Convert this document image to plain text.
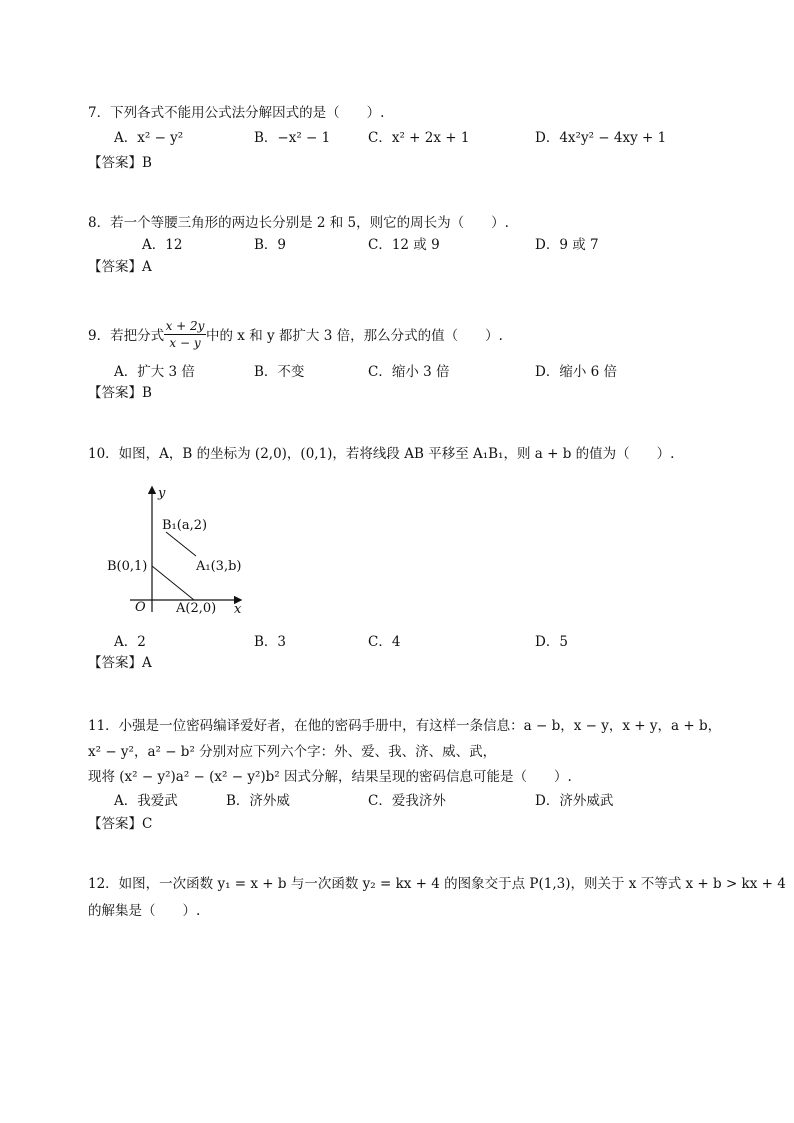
7．下列各式不能用公式法分解因式的是（　　）.
A．x² − y²	B．−x² − 1	C．x² + 2x + 1	D．4x²y² − 4xy + 1
【答案】B
8．若一个等腰三角形的两边长分别是 2 和 5，则它的周长为（　　）.
A．12	B．9	C．12 或 9	D．9 或 7
【答案】A
9．若把分式 $\frac{x + 2y}{x - y}$ 中的 x 和 y 都扩大 3 倍，那么分式的值（　　）.
A．扩大 3 倍	B．不变	C．缩小 3 倍	D．缩小 6 倍
【答案】B
10．如图，A，B 的坐标为 (2,0)，(0,1)，若将线段 AB 平移至 A₁B₁，则 a + b 的值为（　　）.
y
x
O
B₁(a,2)
A₁(3,b)
B(0,1)
A(2,0)
A．2	B．3	C．4	D．5
【答案】A
11．小强是一位密码编译爱好者，在他的密码手册中，有这样一条信息：a − b，x − y，x + y，a + b，
x² − y²，a² − b² 分别对应下列六个字：外、爱、我、济、威、武，
现将 (x² − y²)a² − (x² − y²)b² 因式分解，结果呈现的密码信息可能是（　　）.
A．我爱武	B．济外威	C．爱我济外	D．济外威武
【答案】C
12．如图，一次函数 y₁ = x + b 与一次函数 y₂ = kx + 4 的图象交于点 P(1,3)，则关于 x 不等式 x + b > kx + 4
的解集是（　　）.
